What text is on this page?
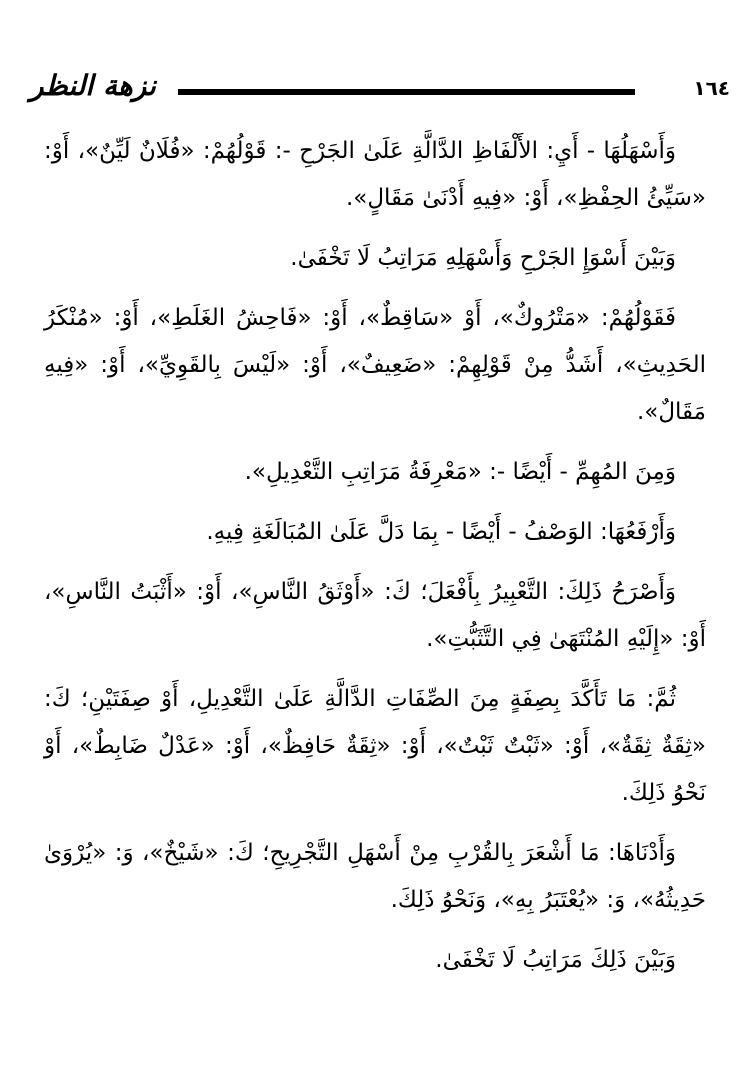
١٦٤
نزهة النظر

وَأَسْهَلُهَا - أَيِ: الأَلْفَاظِ الدَّالَّةِ عَلَىٰ الجَرْحِ -: قَوْلُهُمْ: «فُلَانٌ لَيِّنٌ»، أَوْ: «سَيِّئُ الحِفْظِ»، أَوْ: «فِيهِ أَدْنَىٰ مَقَالٍ».

وَبَيْنَ أَسْوَإِ الجَرْحِ وَأَسْهَلِهِ مَرَاتِبُ لَا تَخْفَىٰ.

فَقَوْلُهُمْ: «مَتْرُوكٌ»، أَوْ «سَاقِطٌ»، أَوْ: «فَاحِشُ الغَلَطِ»، أَوْ: «مُنْكَرُ الحَدِيثِ»، أَشَدُّ مِنْ قَوْلِهِمْ: «ضَعِيفٌ»، أَوْ: «لَيْسَ بِالقَوِيِّ»، أَوْ: «فِيهِ مَقَالٌ».

وَمِنَ المُهِمِّ - أَيْضًا -: «مَعْرِفَةُ مَرَاتِبِ التَّعْدِيلِ».

وَأَرْفَعُهَا: الوَصْفُ - أَيْضًا - بِمَا دَلَّ عَلَىٰ المُبَالَغَةِ فِيهِ.

وَأَصْرَحُ ذَلِكَ: التَّعْبِيرُ بِأَفْعَلَ؛ كَ: «أَوْثَقُ النَّاسِ»، أَوْ: «أَثْبَتُ النَّاسِ»، أَوْ: «إِلَيْهِ المُنْتَهَىٰ فِي التَّثَبُّتِ».

ثُمَّ: مَا تَأَكَّدَ بِصِفَةٍ مِنَ الصِّفَاتِ الدَّالَّةِ عَلَىٰ التَّعْدِيلِ، أَوْ صِفَتَيْنِ؛ كَ: «ثِقَةٌ ثِقَةٌ»، أَوْ: «ثَبْتٌ ثَبْتٌ»، أَوْ: «ثِقَةٌ حَافِظٌ»، أَوْ: «عَدْلٌ ضَابِطٌ»، أَوْ نَحْوُ ذَلِكَ.

وَأَدْنَاهَا: مَا أَشْعَرَ بِالقُرْبِ مِنْ أَسْهَلِ التَّجْرِيحِ؛ كَ: «شَيْخٌ»، وَ: «يُرْوَىٰ حَدِيثُهُ»، وَ: «يُعْتَبَرُ بِهِ»، وَنَحْوُ ذَلِكَ.

وَبَيْنَ ذَلِكَ مَرَاتِبُ لَا تَخْفَىٰ.
